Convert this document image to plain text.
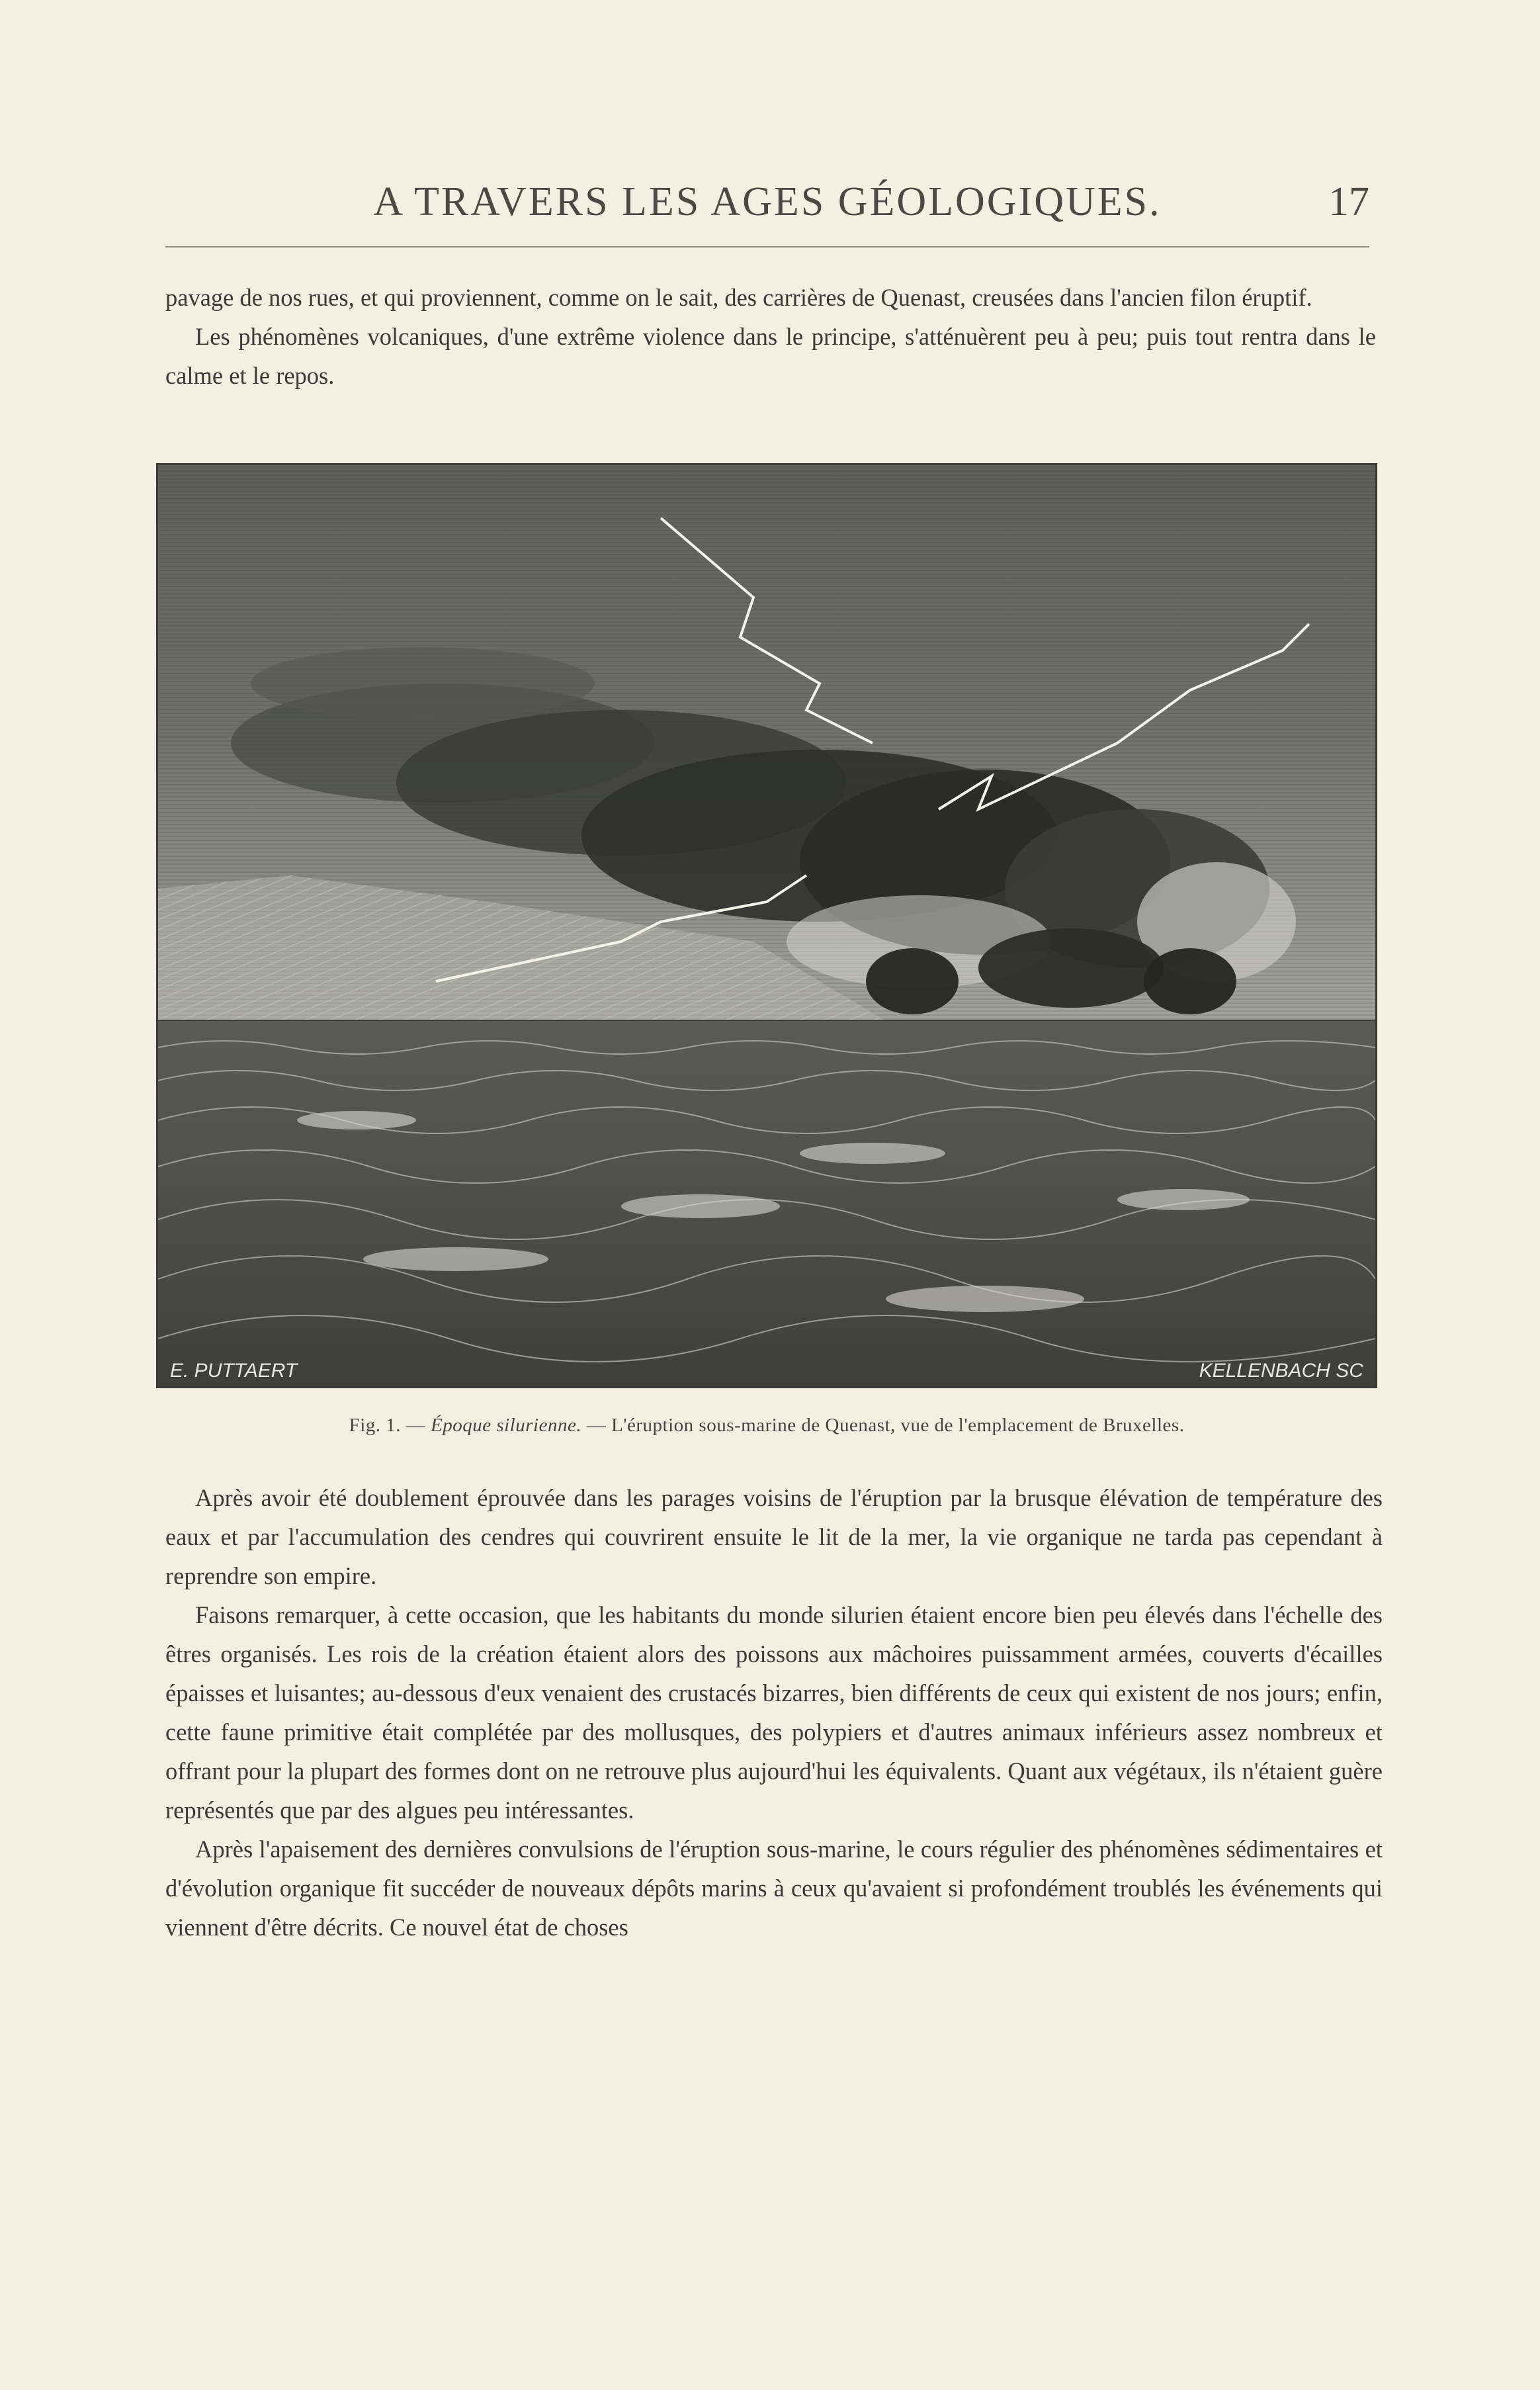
A TRAVERS LES AGES GÉOLOGIQUES.	17

pavage de nos rues, et qui proviennent, comme on le sait, des carrières de Quenast, creusées dans l'ancien filon éruptif.

Les phénomènes volcaniques, d'une extrême violence dans le principe, s'atténuèrent peu à peu; puis tout rentra dans le calme et le repos.

E. PUTTAERT	KELLENBACH SC
Fig. 1. — Époque silurienne. — L'éruption sous-marine de Quenast, vue de l'emplacement de Bruxelles.

Après avoir été doublement éprouvée dans les parages voisins de l'éruption par la brusque élévation de température des eaux et par l'accumulation des cendres qui couvrirent ensuite le lit de la mer, la vie organique ne tarda pas cependant à reprendre son empire.

Faisons remarquer, à cette occasion, que les habitants du monde silurien étaient encore bien peu élevés dans l'échelle des êtres organisés. Les rois de la création étaient alors des poissons aux mâchoires puissamment armées, couverts d'écailles épaisses et luisantes; au-dessous d'eux venaient des crustacés bizarres, bien différents de ceux qui existent de nos jours; enfin, cette faune primitive était complétée par des mollusques, des polypiers et d'autres animaux inférieurs assez nombreux et offrant pour la plupart des formes dont on ne retrouve plus aujourd'hui les équivalents. Quant aux végétaux, ils n'étaient guère représentés que par des algues peu intéressantes.

Après l'apaisement des dernières convulsions de l'éruption sous-marine, le cours régulier des phénomènes sédimentaires et d'évolution organique fit succéder de nouveaux dépôts marins à ceux qu'avaient si profondément troublés les événements qui viennent d'être décrits. Ce nouvel état de choses
